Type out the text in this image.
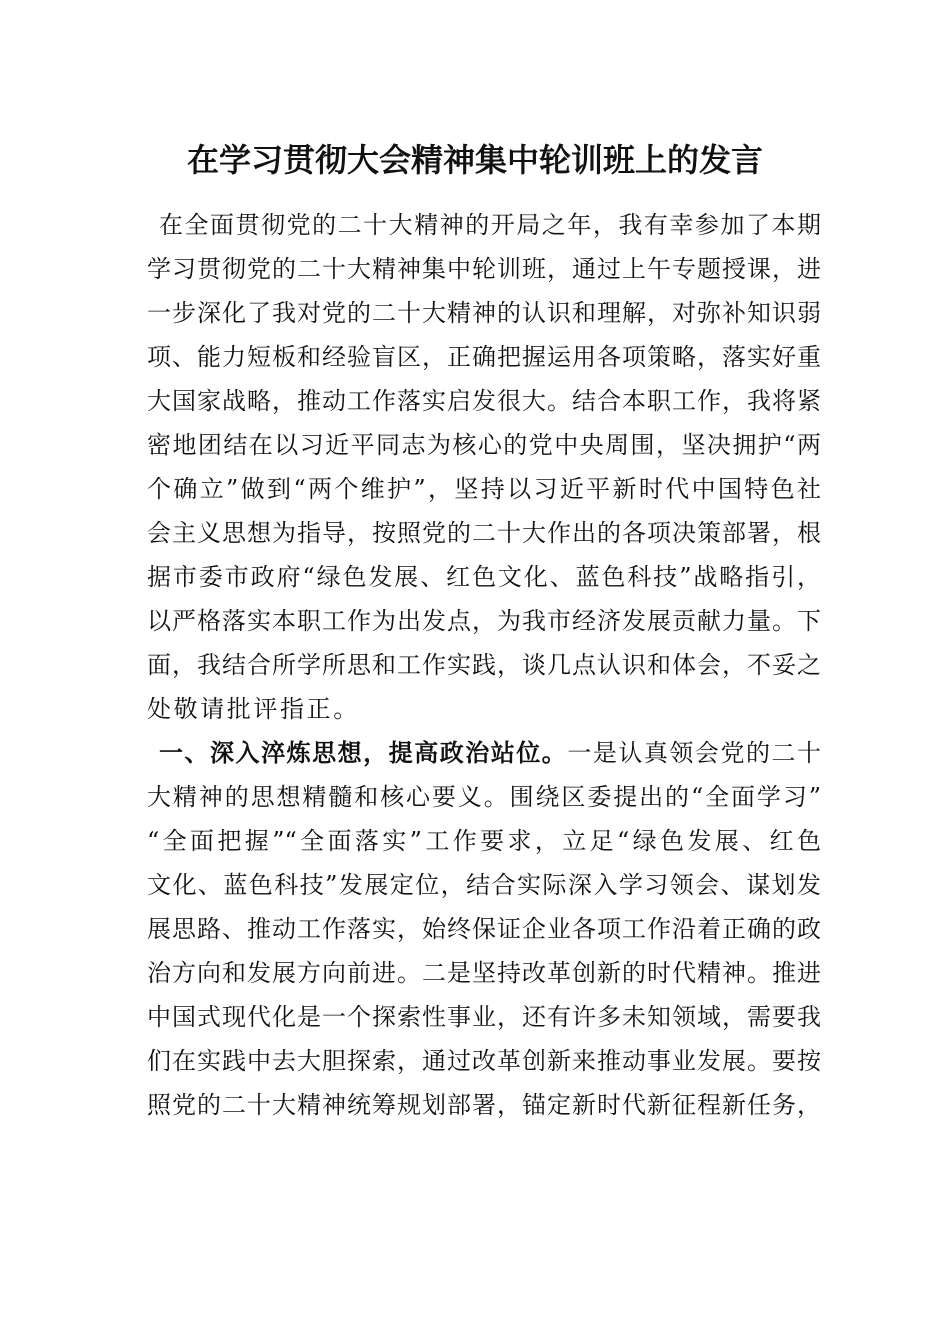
在学习贯彻大会精神集中轮训班上的发言
在全面贯彻党的二十大精神的开局之年，我有幸参加了本期
学习贯彻党的二十大精神集中轮训班，通过上午专题授课，进
一步深化了我对党的二十大精神的认识和理解，对弥补知识弱
项、能力短板和经验盲区，正确把握运用各项策略，落实好重
大国家战略，推动工作落实启发很大。结合本职工作，我将紧
密地团结在以习近平同志为核心的党中央周围，坚决拥护“两
个确立”做到“两个维护”，坚持以习近平新时代中国特色社
会主义思想为指导，按照党的二十大作出的各项决策部署，根
据市委市政府“绿色发展、红色文化、蓝色科技”战略指引，
以严格落实本职工作为出发点，为我市经济发展贡献力量。下
面，我结合所学所思和工作实践，谈几点认识和体会，不妥之
处敬请批评指正。
一、深入淬炼思想，提高政治站位。一是认真领会党的二十
大精神的思想精髓和核心要义。围绕区委提出的“全面学习”
“全面把握”“全面落实”工作要求，立足“绿色发展、红色
文化、蓝色科技”发展定位，结合实际深入学习领会、谋划发
展思路、推动工作落实，始终保证企业各项工作沿着正确的政
治方向和发展方向前进。二是坚持改革创新的时代精神。推进
中国式现代化是一个探索性事业，还有许多未知领域，需要我
们在实践中去大胆探索，通过改革创新来推动事业发展。要按
照党的二十大精神统筹规划部署，锚定新时代新征程新任务，
